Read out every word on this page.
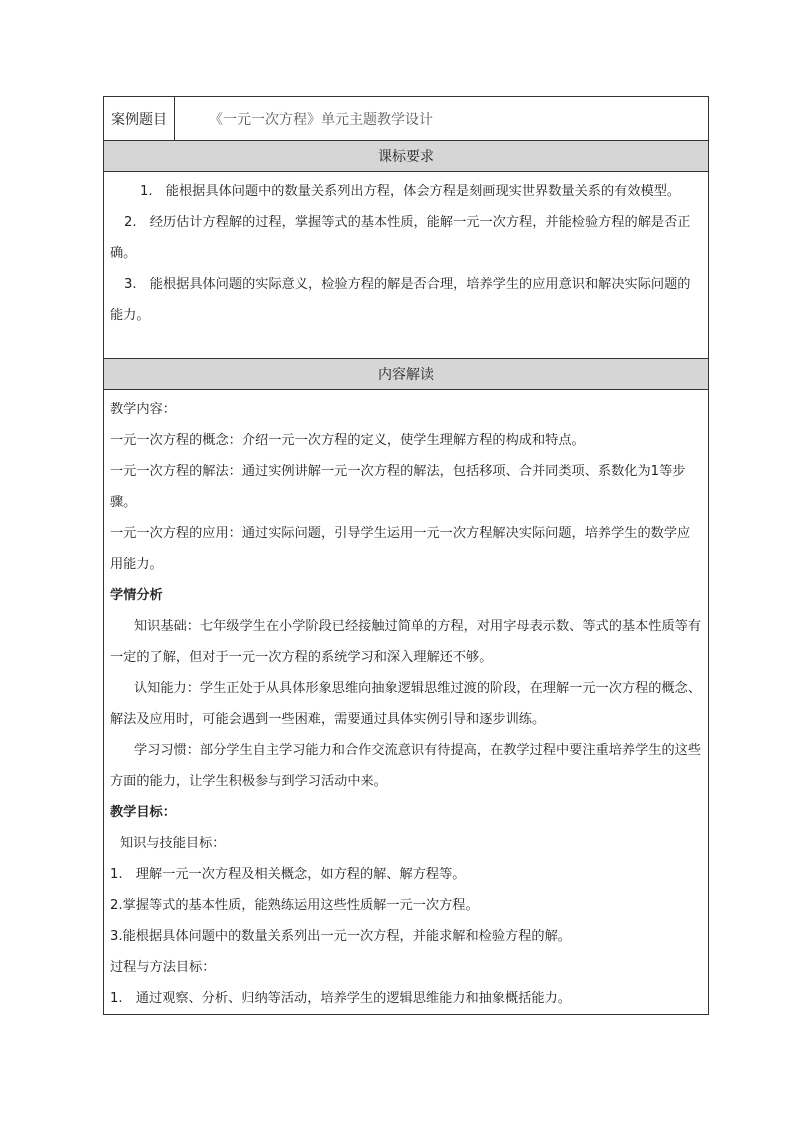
案例题目	《一元一次方程》单元主题教学设计
课标要求

1.　能根据具体问题中的数量关系列出方程，体会方程是刻画现实世界数量关系的有效模型。

2.　经历估计方程解的过程，掌握等式的基本性质，能解一元一次方程，并能检验方程的解是否正确。

3.　能根据具体问题的实际意义，检验方程的解是否合理，培养学生的应用意识和解决实际问题的能力。

内容解读

教学内容：

一元一次方程的概念：介绍一元一次方程的定义，使学生理解方程的构成和特点。

一元一次方程的解法：通过实例讲解一元一次方程的解法，包括移项、合并同类项、系数化为1等步骤。

一元一次方程的应用：通过实际问题，引导学生运用一元一次方程解决实际问题，培养学生的数学应用能力。

学情分析

知识基础：七年级学生在小学阶段已经接触过简单的方程，对用字母表示数、等式的基本性质等有一定的了解，但对于一元一次方程的系统学习和深入理解还不够。

认知能力：学生正处于从具体形象思维向抽象逻辑思维过渡的阶段，在理解一元一次方程的概念、解法及应用时，可能会遇到一些困难，需要通过具体实例引导和逐步训练。

学习习惯：部分学生自主学习能力和合作交流意识有待提高，在教学过程中要注重培养学生的这些方面的能力，让学生积极参与到学习活动中来。

教学目标：

知识与技能目标：

1.　理解一元一次方程及相关概念，如方程的解、解方程等。

2.掌握等式的基本性质，能熟练运用这些性质解一元一次方程。

3.能根据具体问题中的数量关系列出一元一次方程，并能求解和检验方程的解。

过程与方法目标：

1.　通过观察、分析、归纳等活动，培养学生的逻辑思维能力和抽象概括能力。
